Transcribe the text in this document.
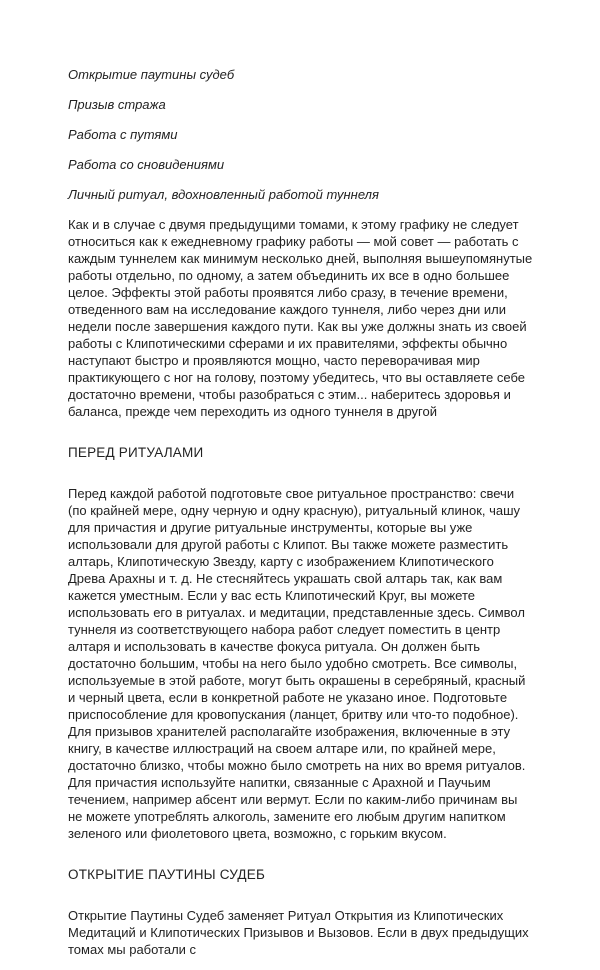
Открытие паутины судеб

Призыв стража

Работа с путями

Работа со сновидениями

Личный ритуал, вдохновленный работой туннеля

Как и в случае с двумя предыдущими томами, к этому графику не следует относиться как к ежедневному графику работы — мой совет — работать с каждым туннелем как минимум несколько дней, выполняя вышеупомянутые работы отдельно, по одному, а затем объединить их все в одно большее целое. Эффекты этой работы проявятся либо сразу, в течение времени, отведенного вам на исследование каждого туннеля, либо через дни или недели после завершения каждого пути. Как вы уже должны знать из своей работы с Клипотическими сферами и их правителями, эффекты обычно наступают быстро и проявляются мощно, часто переворачивая мир практикующего с ног на голову, поэтому убедитесь, что вы оставляете себе достаточно времени, чтобы разобраться с этим... наберитесь здоровья и баланса, прежде чем переходить из одного туннеля в другой

ПЕРЕД РИТУАЛАМИ

Перед каждой работой подготовьте свое ритуальное пространство: свечи (по крайней мере, одну черную и одну красную), ритуальный клинок, чашу для причастия и другие ритуальные инструменты, которые вы уже использовали для другой работы с Клипот. Вы также можете разместить алтарь, Клипотическую Звезду, карту с изображением Клипотического Древа Арахны и т. д. Не стесняйтесь украшать свой алтарь так, как вам кажется уместным. Если у вас есть Клипотический Круг, вы можете использовать его в ритуалах. и медитации, представленные здесь. Символ туннеля из соответствующего набора работ следует поместить в центр алтаря и использовать в качестве фокуса ритуала. Он должен быть достаточно большим, чтобы на него было удобно смотреть. Все символы, используемые в этой работе, могут быть окрашены в серебряный, красный и черный цвета, если в конкретной работе не указано иное. Подготовьте приспособление для кровопускания (ланцет, бритву или что-то подобное). Для призывов хранителей располагайте изображения, включенные в эту книгу, в качестве иллюстраций на своем алтаре или, по крайней мере, достаточно близко, чтобы можно было смотреть на них во время ритуалов. Для причастия используйте напитки, связанные с Арахной и Паучьим течением, например абсент или вермут. Если по каким-либо причинам вы не можете употреблять алкоголь, замените его любым другим напитком зеленого или фиолетового цвета, возможно, с горьким вкусом.

ОТКРЫТИЕ ПАУТИНЫ СУДЕБ

Открытие Паутины Судеб заменяет Ритуал Открытия из Клипотических Медитаций и Клипотических Призывов и Вызовов. Если в двух предыдущих томах мы работали с
